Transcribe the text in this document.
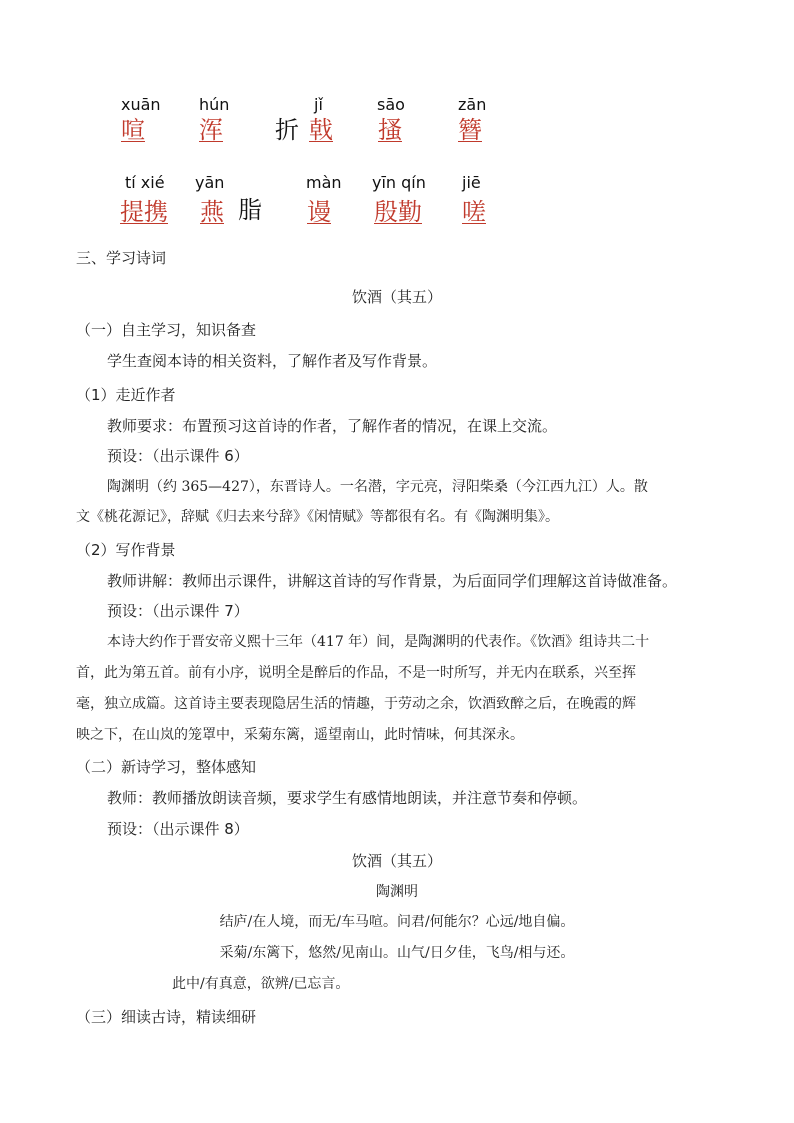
xuān
喧
hún
浑 折
jǐ
戟
sāo
搔
zān
簪
tí xié
提携
yān
燕 脂
màn
谩
yīn qín
殷勤
jiē
嗟
三、学习诗词
饮酒（其五）
（一）自主学习，知识备查
学生查阅本诗的相关资料，了解作者及写作背景。
（1）走近作者
教师要求：布置预习这首诗的作者，了解作者的情况，在课上交流。
预设：（出示课件 6）
陶渊明（约 365—427），东晋诗人。一名潜，字元亮，浔阳柴桑（今江西九江）人。散
文《桃花源记》，辞赋《归去来兮辞》《闲情赋》等都很有名。有《陶渊明集》。
（2）写作背景
教师讲解：教师出示课件，讲解这首诗的写作背景，为后面同学们理解这首诗做准备。
预设：（出示课件 7）
本诗大约作于晋安帝义熙十三年（417 年）间，是陶渊明的代表作。《饮酒》组诗共二十
首，此为第五首。前有小序，说明全是醉后的作品，不是一时所写，并无内在联系，兴至挥
毫，独立成篇。这首诗主要表现隐居生活的情趣，于劳动之余，饮酒致醉之后，在晚霞的辉
映之下，在山岚的笼罩中，采菊东篱，遥望南山，此时情味，何其深永。
（二）新诗学习，整体感知
教师：教师播放朗读音频，要求学生有感情地朗读，并注意节奏和停顿。
预设：（出示课件 8）
饮酒（其五）
陶渊明
结庐/在人境，而无/车马喧。问君/何能尔？心远/地自偏。
采菊/东篱下，悠然/见南山。山气/日夕佳，飞鸟/相与还。
此中/有真意，欲辨/已忘言。
（三）细读古诗，精读细研
